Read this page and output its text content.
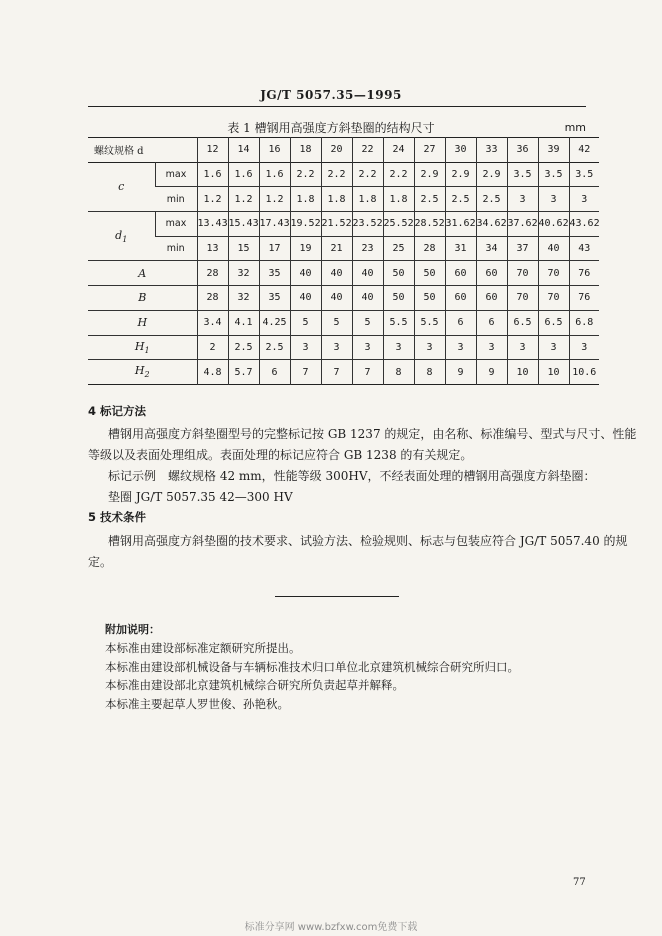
JG/T 5057.35—1995
表 1 槽钢用高强度方斜垫圈的结构尺寸	mm
螺纹规格 d		12	14	16	18	20	22	24	27	30	33	36	39	42
c	max	1.6	1.6	1.6	2.2	2.2	2.2	2.2	2.9	2.9	2.9	3.5	3.5	3.5
	min	1.2	1.2	1.2	1.8	1.8	1.8	1.8	2.5	2.5	2.5	3	3	3
$d_1$	max	13.43	15.43	17.43	19.52	21.52	23.52	25.52	28.52	31.62	34.62	37.62	40.62	43.62
	min	13	15	17	19	21	23	25	28	31	34	37	40	43
A		28	32	35	40	40	40	50	50	60	60	70	70	76
B		28	32	35	40	40	40	50	50	60	60	70	70	76
H		3.4	4.1	4.25	5	5	5	5.5	5.5	6	6	6.5	6.5	6.8
$H_1$		2	2.5	2.5	3	3	3	3	3	3	3	3	3	3
$H_2$		4.8	5.7	6	7	7	7	8	8	9	9	10	10	10.6
4 标记方法
槽钢用高强度方斜垫圈型号的完整标记按 GB 1237 的规定，由名称、标准编号、型式与尺寸、性能
等级以及表面处理组成。表面处理的标记应符合 GB 1238 的有关规定。
标记示例 螺纹规格 42 mm，性能等级 300HV，不经表面处理的槽钢用高强度方斜垫圈：
垫圈 JG/T 5057.35 42—300 HV
5 技术条件
槽钢用高强度方斜垫圈的技术要求、试验方法、检验规则、标志与包装应符合 JG/T 5057.40 的规
定。
附加说明：
本标准由建设部标准定额研究所提出。
本标准由建设部机械设备与车辆标准技术归口单位北京建筑机械综合研究所归口。
本标准由建设部北京建筑机械综合研究所负责起草并解释。
本标准主要起草人罗世俊、孙艳秋。
77
标准分享网 www.bzfxw.com免费下载
